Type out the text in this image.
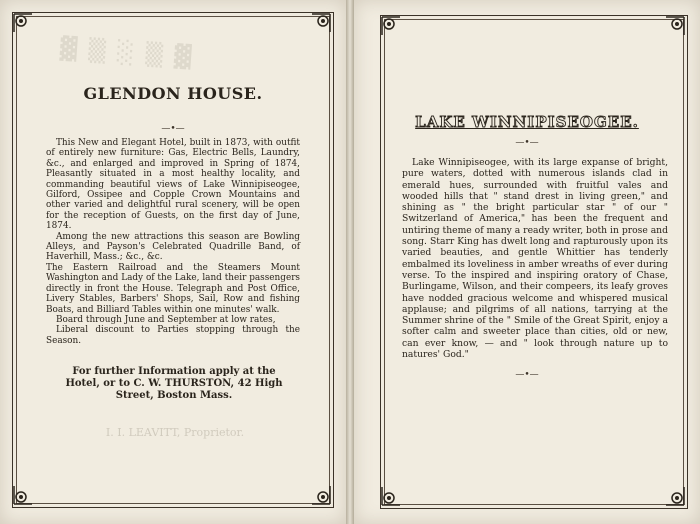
▓ ▒ ░ ▒ ▓
GLENDON HOUSE.
—•—

This New and Elegant Hotel, built in 1873, with outfit of entirely new furniture: Gas, Electric Bells, Laundry, &c., and enlarged and improved in Spring of 1874, Pleasantly situated in a most healthy locality, and commanding beautiful views of Lake Winnipiseogee, Gilford, Ossipee and Copple Crown Mountains and other varied and delightful rural scenery, will be open for the reception of Guests, on the first day of June, 1874.

Among the new attractions this season are Bowling Alleys, and Payson's Celebrated Quadrille Band, of Haverhill, Mass.; &c., &c.

The Eastern Railroad and the Steamers Mount Washington and Lady of the Lake, land their passengers directly in front the House. Telegraph and Post Office, Livery Stables, Barbers' Shops, Sail, Row and fishing Boats, and Billiard Tables within one minutes' walk.

Board through June and September at low rates,

Liberal discount to Parties stopping through the Season.

For further Information apply at the
Hotel, or to C. W. THURSTON, 42 High
Street, Boston Mass.
I. I. LEAVITT, Proprietor.
LAKE WINNIPISEOGEE.
—•—
—•—

Lake Winnipiseogee, with its large expanse of bright, pure waters, dotted with numerous islands clad in emerald hues, surrounded with fruitful vales and wooded hills that " stand drest in living green," and shining as " the bright particular star " of our " Switzerland of America," has been the frequent and untiring theme of many a ready writer, both in prose and song. Starr King has dwelt long and rapturously upon its varied beauties, and gentle Whittier has tenderly embalmed its loveliness in amber wreaths of ever during verse. To the inspired and inspiring oratory of Chase, Burlingame, Wilson, and their compeers, its leafy groves have nodded gracious welcome and whispered musical applause; and pilgrims of all nations, tarrying at the Summer shrine of the " Smile of the Great Spirit, enjoy a softer calm and sweeter place than cities, old or new, can ever know, — and " look through nature up to natures' God."
